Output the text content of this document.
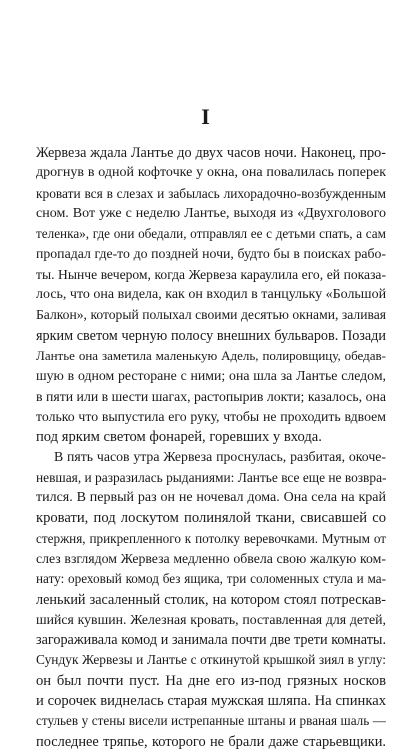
I
Жервеза ждала Лантье до двух часов ночи. Наконец, про-
дрогнув в одной кофточке у окна, она повалилась поперек
кровати вся в слезах и забылась лихорадочно-возбужденным
сном. Вот уже с неделю Лантье, выходя из «Двухголового
теленка», где они обедали, отправлял ее с детьми спать, а сам
пропадал где-то до поздней ночи, будто бы в поисках рабо-
ты. Нынче вечером, когда Жервеза караулила его, ей показа-
лось, что она видела, как он входил в танцульку «Большой
Балкон», который полыхал своими десятью окнами, заливая
ярким светом черную полосу внешних бульваров. Позади
Лантье она заметила маленькую Адель, полировщицу, обедав-
шую в одном ресторане с ними; она шла за Лантье следом,
в пяти или в шести шагах, растопырив локти; казалось, она
только что выпустила его руку, чтобы не проходить вдвоем
под ярким светом фонарей, горевших у входа.
В пять часов утра Жервеза проснулась, разбитая, окоче-
невшая, и разразилась рыданиями: Лантье все еще не возвра-
тился. В первый раз он не ночевал дома. Она села на край
кровати, под лоскутом полинялой ткани, свисавшей со
стержня, прикрепленного к потолку веревочками. Мутным от
слез взглядом Жервеза медленно обвела свою жалкую ком-
нату: ореховый комод без ящика, три соломенных стула и ма-
ленький засаленный столик, на котором стоял потрескав-
шийся кувшин. Железная кровать, поставленная для детей,
загораживала комод и занимала почти две трети комнаты.
Сундук Жервезы и Лантье с откинутой крышкой зиял в углу:
он был почти пуст. На дне его из-под грязных носков
и сорочек виднелась старая мужская шляпа. На спинках
стульев у стены висели истрепанные штаны и рваная шаль —
последнее тряпье, которого не брали даже старьевщики.
